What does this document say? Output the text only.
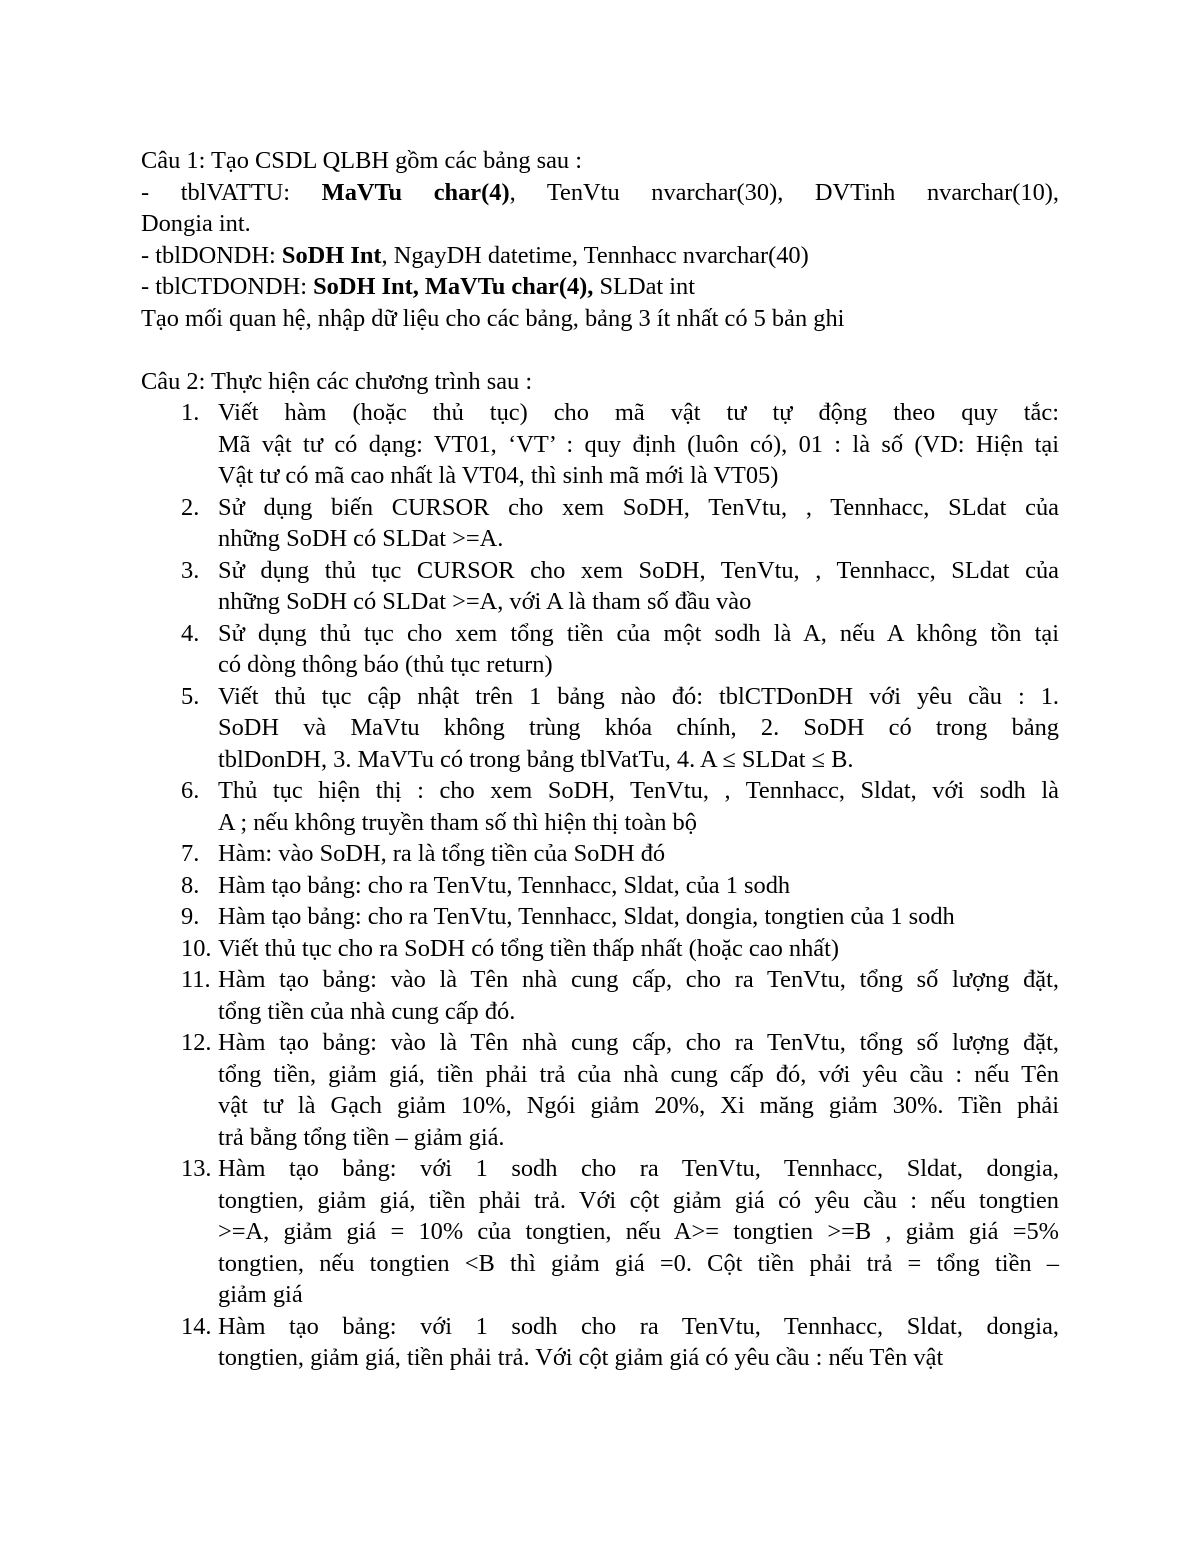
Câu 1: Tạo CSDL QLBH gồm các bảng sau :
- tblVATTU: MaVTu char(4), TenVtu nvarchar(30), DVTinh nvarchar(10),
Dongia int.
- tblDONDH: SoDH Int, NgayDH datetime, Tennhacc nvarchar(40)
- tblCTDONDH: SoDH Int, MaVTu char(4), SLDat int
Tạo mối quan hệ, nhập dữ liệu cho các bảng, bảng 3 ít nhất có 5 bản ghi
Câu 2: Thực hiện các chương trình sau :
1. Viết hàm (hoặc thủ tục) cho mã vật tư tự động theo quy tắc:
Mã vật tư có dạng: VT01, ‘VT’ : quy định (luôn có), 01 : là số (VD: Hiện tại
Vật tư có mã cao nhất là VT04, thì sinh mã mới là VT05)
2. Sử dụng biến CURSOR cho xem SoDH, TenVtu, , Tennhacc, SLdat của
những SoDH có SLDat >=A.
3. Sử dụng thủ tục CURSOR cho xem SoDH, TenVtu, , Tennhacc, SLdat của
những SoDH có SLDat >=A, với A là tham số đầu vào
4. Sử dụng thủ tục cho xem tổng tiền của một sodh là A, nếu A không tồn tại
có dòng thông báo (thủ tục return)
5. Viết thủ tục cập nhật trên 1 bảng nào đó: tblCTDonDH với yêu cầu : 1.
SoDH và MaVtu không trùng khóa chính, 2. SoDH có trong bảng
tblDonDH, 3. MaVTu có trong bảng tblVatTu, 4. A ≤ SLDat ≤ B.
6. Thủ tục hiện thị : cho xem SoDH, TenVtu, , Tennhacc, Sldat, với sodh là
A ; nếu không truyền tham số thì hiện thị toàn bộ
7. Hàm: vào SoDH, ra là tổng tiền của SoDH đó
8. Hàm tạo bảng: cho ra TenVtu, Tennhacc, Sldat, của 1 sodh
9. Hàm tạo bảng: cho ra TenVtu, Tennhacc, Sldat, dongia, tongtien của 1 sodh
10. Viết thủ tục cho ra SoDH có tổng tiền thấp nhất (hoặc cao nhất)
11. Hàm tạo bảng: vào là Tên nhà cung cấp, cho ra TenVtu, tổng số lượng đặt,
tổng tiền của nhà cung cấp đó.
12. Hàm tạo bảng: vào là Tên nhà cung cấp, cho ra TenVtu, tổng số lượng đặt,
tổng tiền, giảm giá, tiền phải trả của nhà cung cấp đó, với yêu cầu : nếu Tên
vật tư là Gạch giảm 10%, Ngói giảm 20%, Xi măng giảm 30%. Tiền phải
trả bằng tổng tiền – giảm giá.
13. Hàm tạo bảng: với 1 sodh cho ra TenVtu, Tennhacc, Sldat, dongia,
tongtien, giảm giá, tiền phải trả. Với cột giảm giá có yêu cầu : nếu tongtien
>=A, giảm giá = 10% của tongtien, nếu A>= tongtien >=B , giảm giá =5%
tongtien, nếu tongtien <B thì giảm giá =0. Cột tiền phải trả = tổng tiền –
giảm giá
14. Hàm tạo bảng: với 1 sodh cho ra TenVtu, Tennhacc, Sldat, dongia,
tongtien, giảm giá, tiền phải trả. Với cột giảm giá có yêu cầu : nếu Tên vật
